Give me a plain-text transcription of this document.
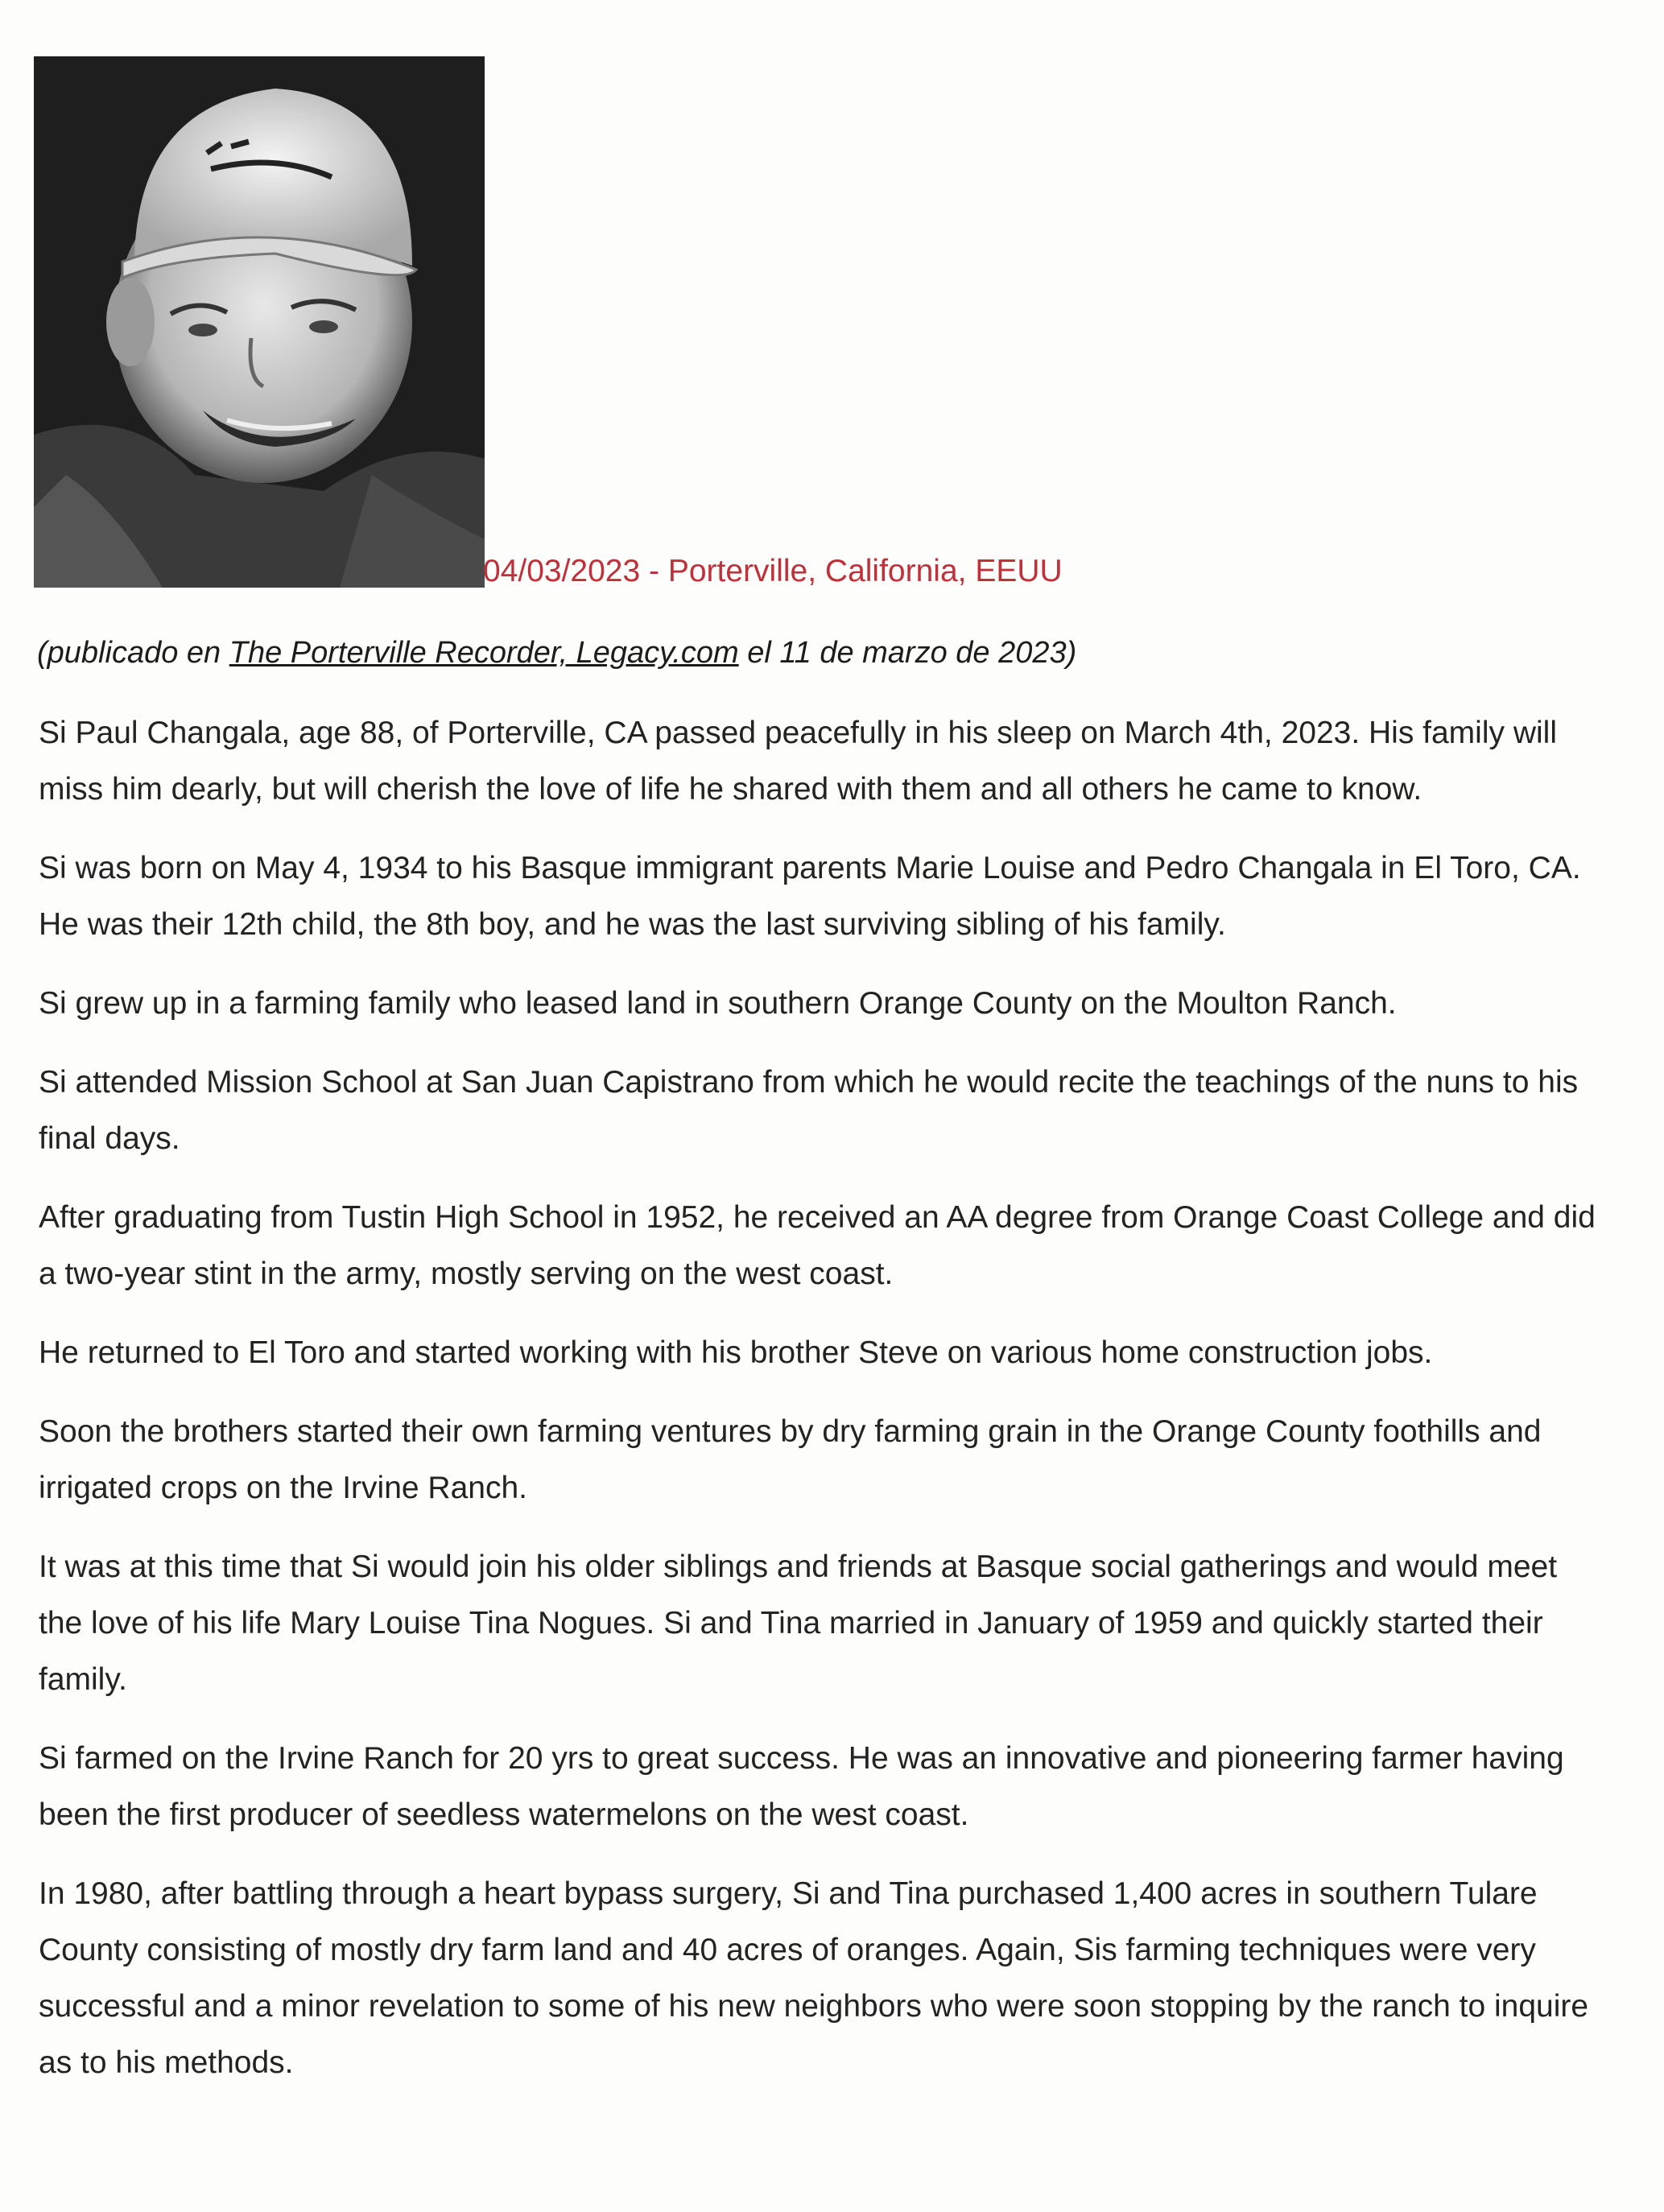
04/03/2023 - Porterville, California, EEUU
(publicado en The Porterville Recorder, Legacy.com el 11 de marzo de 2023)

Si Paul Changala, age 88, of Porterville, CA passed peacefully in his sleep on March 4th, 2023. His family will miss him dearly, but will cherish the love of life he shared with them and all others he came to know.

Si was born on May 4, 1934 to his Basque immigrant parents Marie Louise and Pedro Changala in El Toro, CA. He was their 12th child, the 8th boy, and he was the last surviving sibling of his family.

Si grew up in a farming family who leased land in southern Orange County on the Moulton Ranch.

Si attended Mission School at San Juan Capistrano from which he would recite the teachings of the nuns to his final days.

After graduating from Tustin High School in 1952, he received an AA degree from Orange Coast College and did a two-year stint in the army, mostly serving on the west coast.

He returned to El Toro and started working with his brother Steve on various home construction jobs.

Soon the brothers started their own farming ventures by dry farming grain in the Orange County foothills and irrigated crops on the Irvine Ranch.

It was at this time that Si would join his older siblings and friends at Basque social gatherings and would meet the love of his life Mary Louise Tina Nogues. Si and Tina married in January of 1959 and quickly started their family.

Si farmed on the Irvine Ranch for 20 yrs to great success. He was an innovative and pioneering farmer having been the first producer of seedless watermelons on the west coast.

In 1980, after battling through a heart bypass surgery, Si and Tina purchased 1,400 acres in southern Tulare County consisting of mostly dry farm land and 40 acres of oranges. Again, Sis farming techniques were very successful and a minor revelation to some of his new neighbors who were soon stopping by the ranch to inquire as to his methods.
